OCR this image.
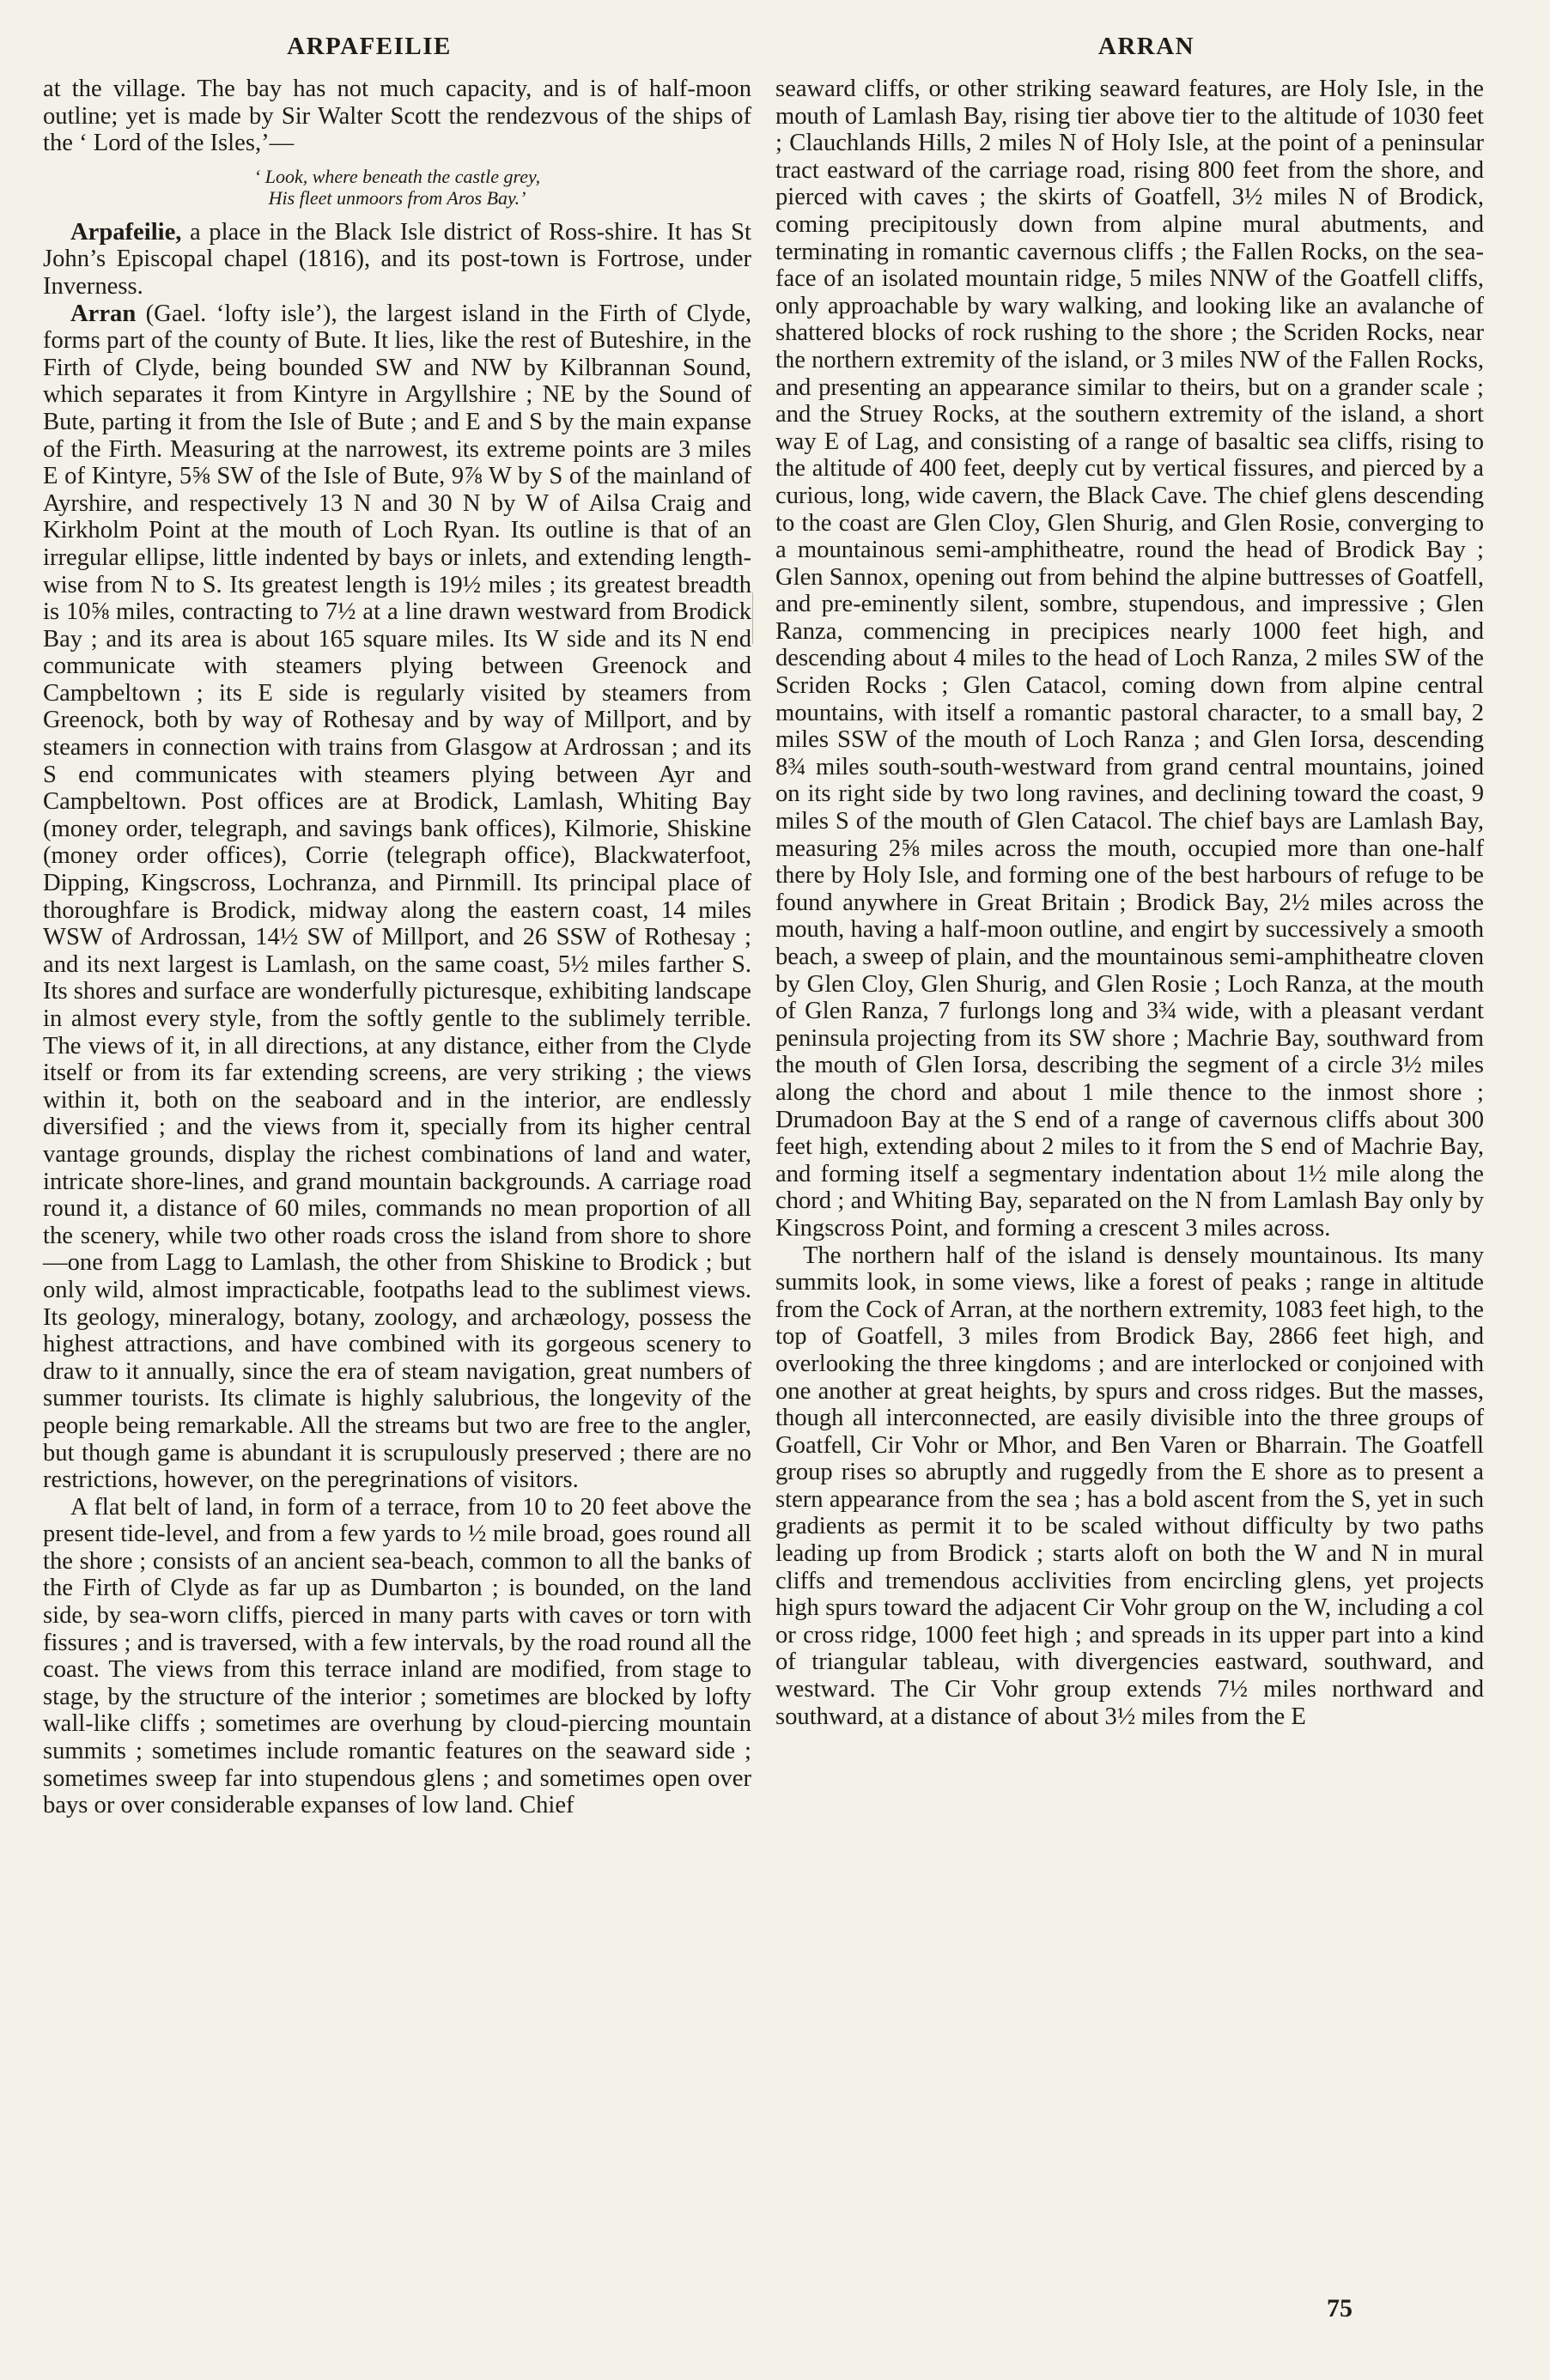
ARPAFEILIE	ARRAN

at the village. The bay has not much capacity, and is of half-moon outline; yet is made by Sir Walter Scott the rendezvous of the ships of the ‘ Lord of the Isles,’—

‘ Look, where beneath the castle grey,
His fleet unmoors from Aros Bay.’

Arpafeilie, a place in the Black Isle district of Ross-shire. It has St John’s Episcopal chapel (1816), and its post-town is Fortrose, under Inverness.

Arran (Gael. ‘lofty isle’), the largest island in the Firth of Clyde, forms part of the county of Bute. It lies, like the rest of Buteshire, in the Firth of Clyde, being bounded SW and NW by Kilbrannan Sound, which separates it from Kintyre in Argyllshire ; NE by the Sound of Bute, parting it from the Isle of Bute ; and E and S by the main expanse of the Firth. Measuring at the narrowest, its extreme points are 3 miles E of Kintyre, 5⅝ SW of the Isle of Bute, 9⅞ W by S of the mainland of Ayrshire, and respectively 13 N and 30 N by W of Ailsa Craig and Kirkholm Point at the mouth of Loch Ryan. Its outline is that of an irregular ellipse, little indented by bays or inlets, and extending length-wise from N to S. Its greatest length is 19½ miles ; its greatest breadth is 10⅝ miles, contracting to 7½ at a line drawn westward from Brodick Bay ; and its area is about 165 square miles. Its W side and its N end communicate with steamers plying between Greenock and Campbeltown ; its E side is regularly visited by steamers from Greenock, both by way of Rothesay and by way of Millport, and by steamers in connection with trains from Glasgow at Ardrossan ; and its S end communicates with steamers plying between Ayr and Campbeltown. Post offices are at Brodick, Lamlash, Whiting Bay (money order, telegraph, and savings bank offices), Kilmorie, Shiskine (money order offices), Corrie (telegraph office), Blackwaterfoot, Dipping, Kingscross, Lochranza, and Pirnmill. Its principal place of thoroughfare is Brodick, midway along the eastern coast, 14 miles WSW of Ardrossan, 14½ SW of Millport, and 26 SSW of Rothesay ; and its next largest is Lamlash, on the same coast, 5½ miles farther S. Its shores and surface are wonderfully picturesque, exhibiting landscape in almost every style, from the softly gentle to the sublimely terrible. The views of it, in all directions, at any distance, either from the Clyde itself or from its far extending screens, are very striking ; the views within it, both on the seaboard and in the interior, are endlessly diversified ; and the views from it, specially from its higher central vantage grounds, display the richest combinations of land and water, intricate shore-lines, and grand mountain backgrounds. A carriage road round it, a distance of 60 miles, commands no mean proportion of all the scenery, while two other roads cross the island from shore to shore—one from Lagg to Lamlash, the other from Shiskine to Brodick ; but only wild, almost impracticable, footpaths lead to the sublimest views. Its geology, mineralogy, botany, zoology, and archæology, possess the highest attractions, and have combined with its gorgeous scenery to draw to it annually, since the era of steam navigation, great numbers of summer tourists. Its climate is highly salubrious, the longevity of the people being remarkable. All the streams but two are free to the angler, but though game is abundant it is scrupulously preserved ; there are no restrictions, however, on the peregrinations of visitors.

A flat belt of land, in form of a terrace, from 10 to 20 feet above the present tide-level, and from a few yards to ½ mile broad, goes round all the shore ; consists of an ancient sea-beach, common to all the banks of the Firth of Clyde as far up as Dumbarton ; is bounded, on the land side, by sea-worn cliffs, pierced in many parts with caves or torn with fissures ; and is traversed, with a few intervals, by the road round all the coast. The views from this terrace inland are modified, from stage to stage, by the structure of the interior ; sometimes are blocked by lofty wall-like cliffs ; sometimes are overhung by cloud-piercing mountain summits ; sometimes include romantic features on the seaward side ; sometimes sweep far into stupendous glens ; and sometimes open over bays or over considerable expanses of low land. Chief

seaward cliffs, or other striking seaward features, are Holy Isle, in the mouth of Lamlash Bay, rising tier above tier to the altitude of 1030 feet ; Clauchlands Hills, 2 miles N of Holy Isle, at the point of a peninsular tract eastward of the carriage road, rising 800 feet from the shore, and pierced with caves ; the skirts of Goatfell, 3½ miles N of Brodick, coming precipitously down from alpine mural abutments, and terminating in romantic cavernous cliffs ; the Fallen Rocks, on the sea-face of an isolated mountain ridge, 5 miles NNW of the Goatfell cliffs, only approachable by wary walking, and looking like an avalanche of shattered blocks of rock rushing to the shore ; the Scriden Rocks, near the northern extremity of the island, or 3 miles NW of the Fallen Rocks, and presenting an appearance similar to theirs, but on a grander scale ; and the Struey Rocks, at the southern extremity of the island, a short way E of Lag, and consisting of a range of basaltic sea cliffs, rising to the altitude of 400 feet, deeply cut by vertical fissures, and pierced by a curious, long, wide cavern, the Black Cave. The chief glens descending to the coast are Glen Cloy, Glen Shurig, and Glen Rosie, converging to a mountainous semi-amphitheatre, round the head of Brodick Bay ; Glen Sannox, opening out from behind the alpine buttresses of Goatfell, and pre-eminently silent, sombre, stupendous, and impressive ; Glen Ranza, commencing in precipices nearly 1000 feet high, and descending about 4 miles to the head of Loch Ranza, 2 miles SW of the Scriden Rocks ; Glen Catacol, coming down from alpine central mountains, with itself a romantic pastoral character, to a small bay, 2 miles SSW of the mouth of Loch Ranza ; and Glen Iorsa, descending 8¾ miles south-south-westward from grand central mountains, joined on its right side by two long ravines, and declining toward the coast, 9 miles S of the mouth of Glen Catacol. The chief bays are Lamlash Bay, measuring 2⅝ miles across the mouth, occupied more than one-half there by Holy Isle, and forming one of the best harbours of refuge to be found anywhere in Great Britain ; Brodick Bay, 2½ miles across the mouth, having a half-moon outline, and engirt by successively a smooth beach, a sweep of plain, and the mountainous semi-amphitheatre cloven by Glen Cloy, Glen Shurig, and Glen Rosie ; Loch Ranza, at the mouth of Glen Ranza, 7 furlongs long and 3¾ wide, with a pleasant verdant peninsula projecting from its SW shore ; Machrie Bay, southward from the mouth of Glen Iorsa, describing the segment of a circle 3½ miles along the chord and about 1 mile thence to the inmost shore ; Drumadoon Bay at the S end of a range of cavernous cliffs about 300 feet high, extending about 2 miles to it from the S end of Machrie Bay, and forming itself a segmentary indentation about 1½ mile along the chord ; and Whiting Bay, separated on the N from Lamlash Bay only by Kingscross Point, and forming a crescent 3 miles across.

The northern half of the island is densely mountainous. Its many summits look, in some views, like a forest of peaks ; range in altitude from the Cock of Arran, at the northern extremity, 1083 feet high, to the top of Goatfell, 3 miles from Brodick Bay, 2866 feet high, and overlooking the three kingdoms ; and are interlocked or conjoined with one another at great heights, by spurs and cross ridges. But the masses, though all interconnected, are easily divisible into the three groups of Goatfell, Cir Vohr or Mhor, and Ben Varen or Bharrain. The Goatfell group rises so abruptly and ruggedly from the E shore as to present a stern appearance from the sea ; has a bold ascent from the S, yet in such gradients as permit it to be scaled without difficulty by two paths leading up from Brodick ; starts aloft on both the W and N in mural cliffs and tremendous acclivities from encircling glens, yet projects high spurs toward the adjacent Cir Vohr group on the W, including a col or cross ridge, 1000 feet high ; and spreads in its upper part into a kind of triangular tableau, with divergencies eastward, southward, and westward. The Cir Vohr group extends 7½ miles northward and southward, at a distance of about 3½ miles from the E

75
